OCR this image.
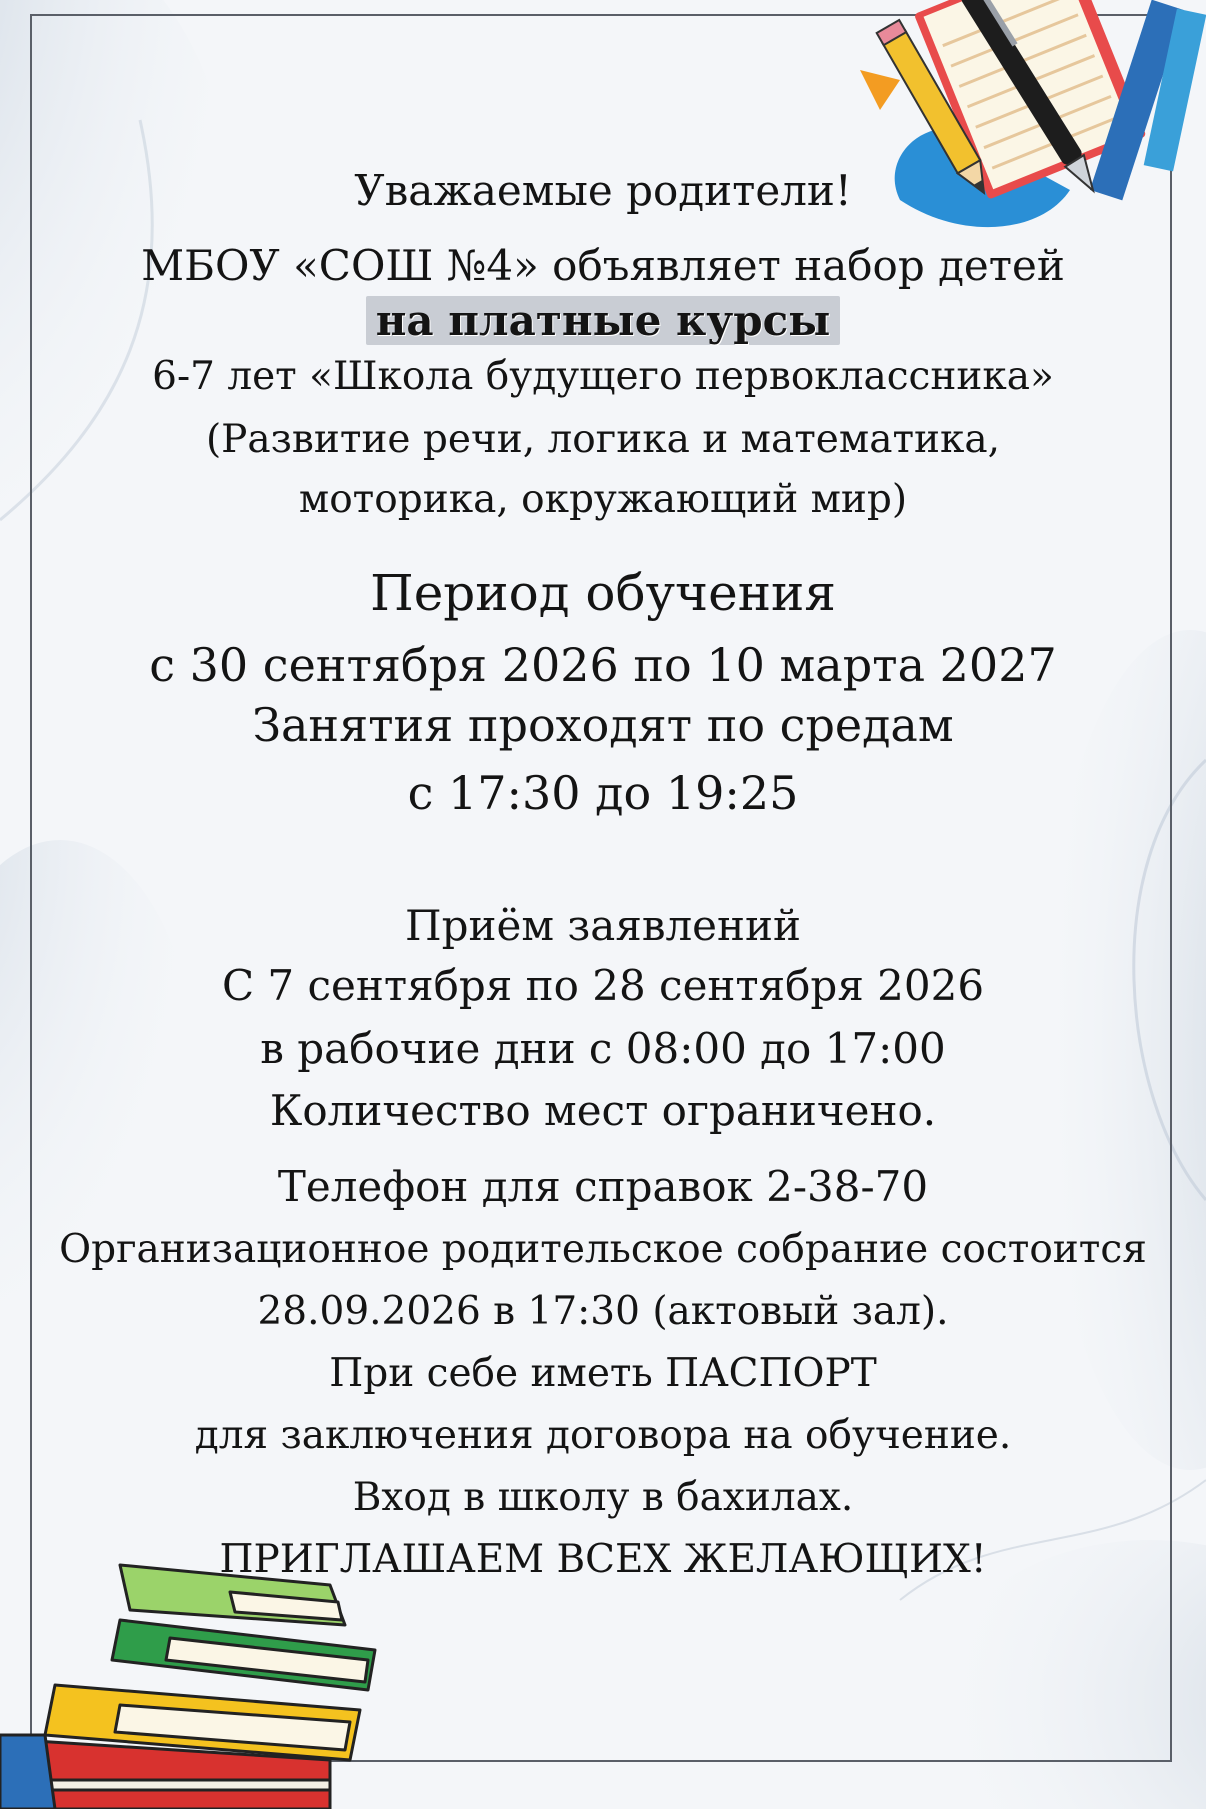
Уважаемые родители!
МБОУ «СОШ №4» объявляет набор детей
на платные курсы
6-7 лет «Школа будущего первоклассника»
(Развитие речи, логика и математика,
моторика, окружающий мир)
Период обучения
с 30 сентября 2026 по 10 марта 2027
Занятия проходят по средам
с 17:30 до 19:25
Приём заявлений
С 7 сентября по 28 сентября 2026
в рабочие дни с 08:00 до 17:00
Количество мест ограничено.
Телефон для справок 2-38-70
Организационное родительское собрание состоится
28.09.2026 в 17:30 (актовый зал).
При себе иметь ПАСПОРТ
для заключения договора на обучение.
Вход в школу в бахилах.
ПРИГЛАШАЕМ ВСЕХ ЖЕЛАЮЩИХ!
